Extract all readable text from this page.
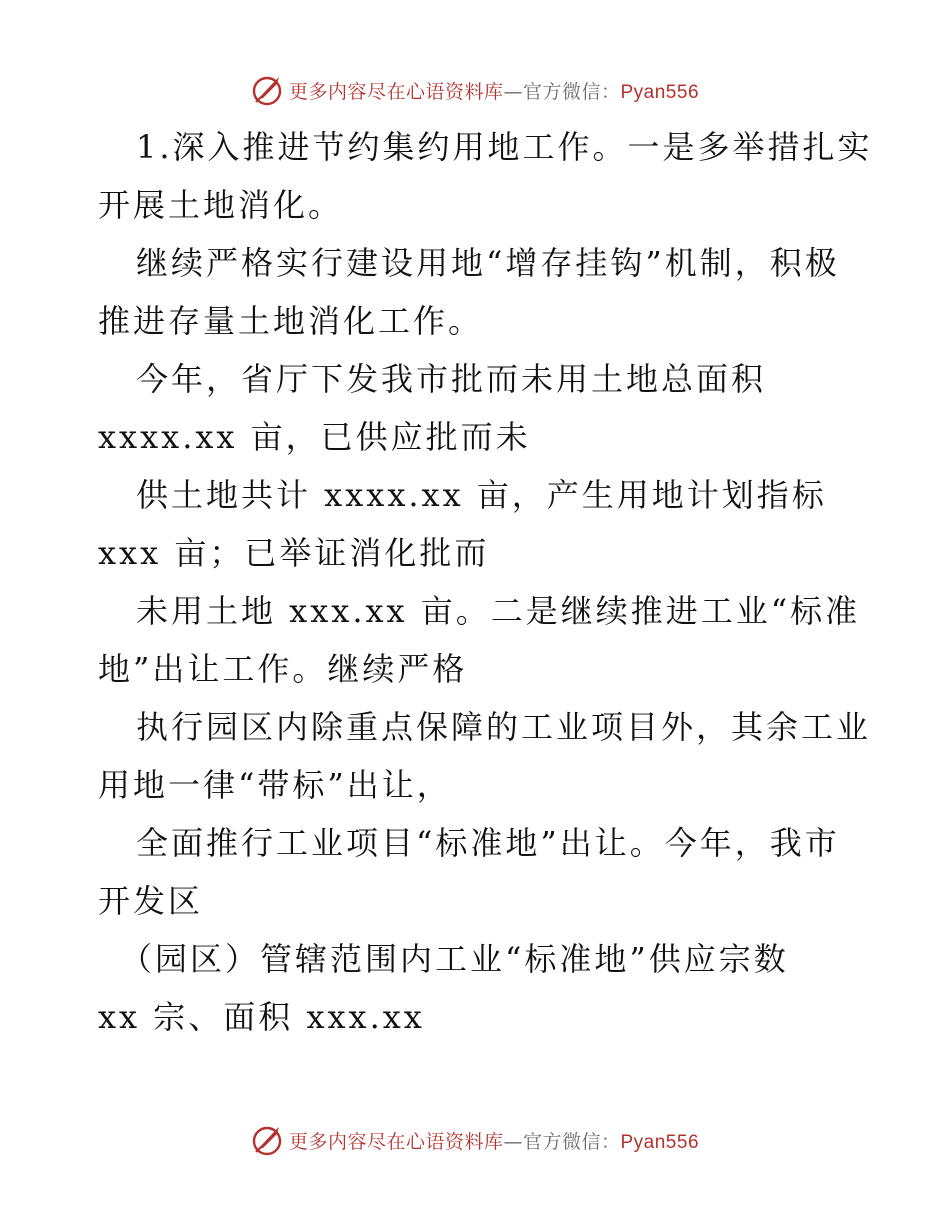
更多内容尽在心语资料库—官方微信：Pyan556
1.深入推进节约集约用地工作。一是多举措扎实
开展土地消化。
继续严格实行建设用地“增存挂钩”机制，积极
推进存量土地消化工作。
今年，省厅下发我市批而未用土地总面积
xxxx.xx 亩，已供应批而未
供土地共计 xxxx.xx 亩，产生用地计划指标
xxx 亩；已举证消化批而
未用土地 xxx.xx 亩。二是继续推进工业“标准
地”出让工作。继续严格
执行园区内除重点保障的工业项目外，其余工业
用地一律“带标”出让，
全面推行工业项目“标准地”出让。今年，我市
开发区
（园区）管辖范围内工业“标准地”供应宗数
xx 宗、面积 xxx.xx
更多内容尽在心语资料库—官方微信：Pyan556
